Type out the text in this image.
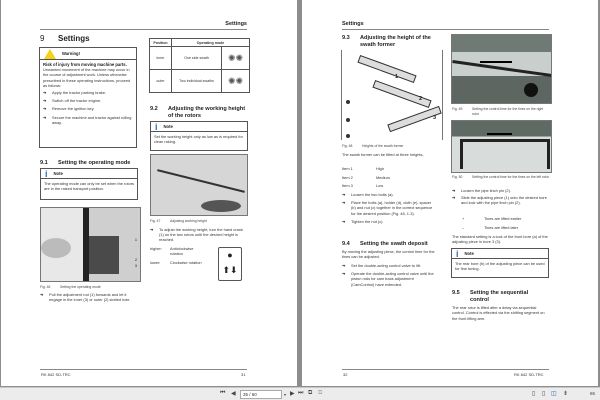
Settings
9 Settings
Warning!
Risk of injury from moving machine parts.
Unwanted movement of the machine may occur in the course of adjustment work. Unless otherwise prescribed in these operating instructions, proceed as follows:
➔	Apply the tractor parking brake.
➔	Switch off the tractor engine.
➔	Remove the ignition key.
➔	Secure the machine and tractor against rolling away.
9.1 Setting the operating mode
i Note
The operating mode can only be set when the rotors are in the raised transport position.
1
2
3
Fig. 46	Setting the operating mode
➔	Pull the adjustment rod (1) forwards and let it engage in the inner (3) or outer (2) slotted hole.
Position	Operating mode	
inner	One side swath	✺✺
outer	Two individual swaths	✺✺
9.2 Adjusting the working height of the rotors
i Note
Set the working height only as low as is required for clean raking.
Fig. 47	Adjusting working height
➔	To adjust the working height, turn the hand crank (1) on the two rotors until the desired height is reached.
higher: Anticlockwise rotation
lower: Clockwise rotation
●
⬆⬇
RK 842 SD-TRC	31
Settings
9.3 Adjusting the height of the swath former
1
2
3
Fig. 48	Heights of the swath former
The swath former can be fitted at three heights,
Item 1	High
Item 2	Medium
Item 3	Low
➔	Loosen the two bolts (a).
➔	Place the bolts (a), holder (d), cloth (e), spacer (b) and nut (c) together in the correct sequence for the desired position (Fig. 48, 1-3).
➔	Tighten the nut (c).
9.4 Setting the swath deposit
By moving the adjusting piece, the control time for the tines can be adjusted.
➔	Set the double-acting control valve to lift.
➔	Operate the double-acting control valve until the piston rods for cam track adjustment (CamControl) have extended.
Fig. 49	Setting the control time for the tines on the right rotor
Fig. 50	Setting the control time for the tines on the left rotor
➔	Loosen the pipe linch pin (2).
➔	Slide the adjusting piece (1) onto the desired bore and lock with the pipe linch pin (2).
+	Tines are lifted earlier
–	Tines are lifted later
The standard setting is a lock of the front bore (a) of the adjusting piece in bore 3 (3).
i Note
The rear bore (b) of the adjusting piece can be used for fine tuning.
9.5 Setting the sequential control
The rear rotor is lifted after a delay via sequential control. Control is effected via the shifting segment on the front lifting arm.
32	RK 842 SD-TRC
⏮ ◀
35 / 60	▾ ▶ ⏭ ⧉ ⧉	▯ ▯ ◫ ⇟	86
